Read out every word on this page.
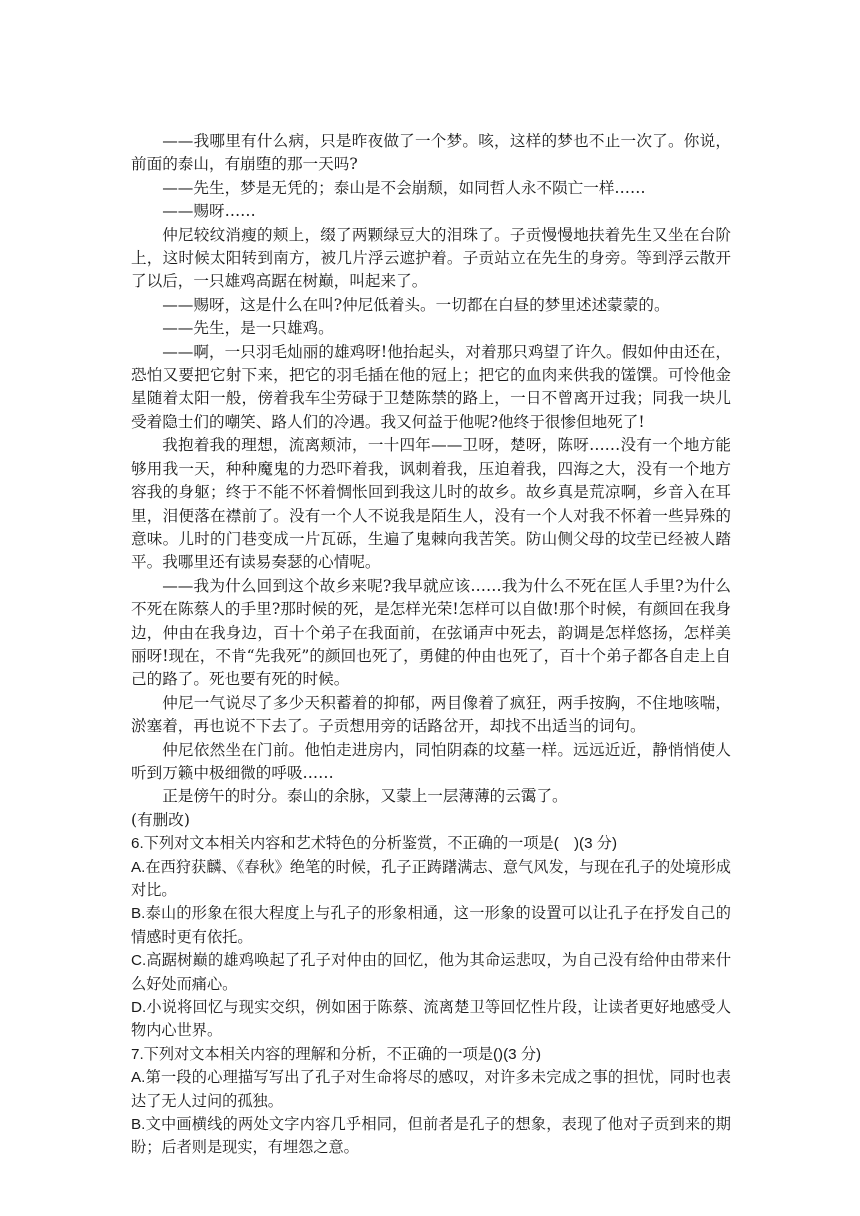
——我哪里有什么病，只是昨夜做了一个梦。咳，这样的梦也不止一次了。你说，前面的泰山，有崩堕的那一天吗?

——先生，梦是无凭的；泰山是不会崩颓，如同哲人永不陨亡一样……

——赐呀……

仲尼较纹消瘦的颊上，缀了两颗绿豆大的泪珠了。子贡慢慢地扶着先生又坐在台阶上，这时候太阳转到南方，被几片浮云遮护着。子贡站立在先生的身旁。等到浮云散开了以后，一只雄鸡高踞在树巅，叫起来了。

——赐呀，这是什么在叫?仲尼低着头。一切都在白昼的梦里述述蒙蒙的。

——先生，是一只雄鸡。

——啊，一只羽毛灿丽的雄鸡呀!他抬起头，对着那只鸡望了许久。假如仲由还在，恐怕又要把它射下来，把它的羽毛插在他的冠上；把它的血肉来供我的馐馔。可怜他金星随着太阳一般，傍着我车尘劳碌于卫楚陈禁的路上，一日不曾离开过我；同我一块儿受着隐士们的嘲笑、路人们的冷遇。我又何益于他呢?他终于很惨但地死了!

我抱着我的理想，流离颊沛，一十四年——卫呀，楚呀，陈呀……没有一个地方能够用我一天，种种魔鬼的力恐吓着我，讽刺着我，压迫着我，四海之大，没有一个地方容我的身躯；终于不能不怀着惆怅回到我这儿时的故乡。故乡真是荒凉啊，乡音入在耳里，泪便落在襟前了。没有一个人不说我是陌生人，没有一个人对我不怀着一些异殊的意味。儿时的门巷变成一片瓦砾，生遍了鬼棘向我苦笑。防山侧父母的坟茔已经被人踏平。我哪里还有读易奏瑟的心情呢。

——我为什么回到这个故乡来呢?我早就应该……我为什么不死在匡人手里?为什么不死在陈蔡人的手里?那时候的死，是怎样光荣!怎样可以自做!那个时候，有颜回在我身边，仲由在我身边，百十个弟子在我面前，在弦诵声中死去，韵调是怎样悠扬，怎样美丽呀!现在，不肯“先我死”的颜回也死了，勇健的仲由也死了，百十个弟子都各自走上自己的路了。死也要有死的时候。

仲尼一气说尽了多少天积蓄着的抑郁，两目像着了疯狂，两手按胸，不住地咳喘，淤塞着，再也说不下去了。子贡想用旁的话路岔开，却找不出适当的词句。

仲尼依然坐在门前。他怕走进房内，同怕阴森的坟墓一样。远远近近，静悄悄使人听到万籁中极细微的呼吸……

正是傍午的时分。泰山的余脉，又蒙上一层薄薄的云霭了。

(有删改)

6.下列对文本相关内容和艺术特色的分析鉴赏，不正确的一项是(　)(3 分)

A.在西狩获麟、《春秋》绝笔的时候，孔子正踌躇满志、意气风发，与现在孔子的处境形成对比。

B.泰山的形象在很大程度上与孔子的形象相通，这一形象的设置可以让孔子在抒发自己的情感时更有依托。

C.高踞树巅的雄鸡唤起了孔子对仲由的回忆，他为其命运悲叹，为自己没有给仲由带来什么好处而痛心。

D.小说将回忆与现实交织，例如困于陈蔡、流离楚卫等回忆性片段，让读者更好地感受人物内心世界。

7.下列对文本相关内容的理解和分析，不正确的一项是()(3 分)

A.第一段的心理描写写出了孔子对生命将尽的感叹，对许多未完成之事的担忧，同时也表达了无人过问的孤独。

B.文中画横线的两处文字内容几乎相同，但前者是孔子的想象，表现了他对子贡到来的期盼；后者则是现实，有埋怨之意。
